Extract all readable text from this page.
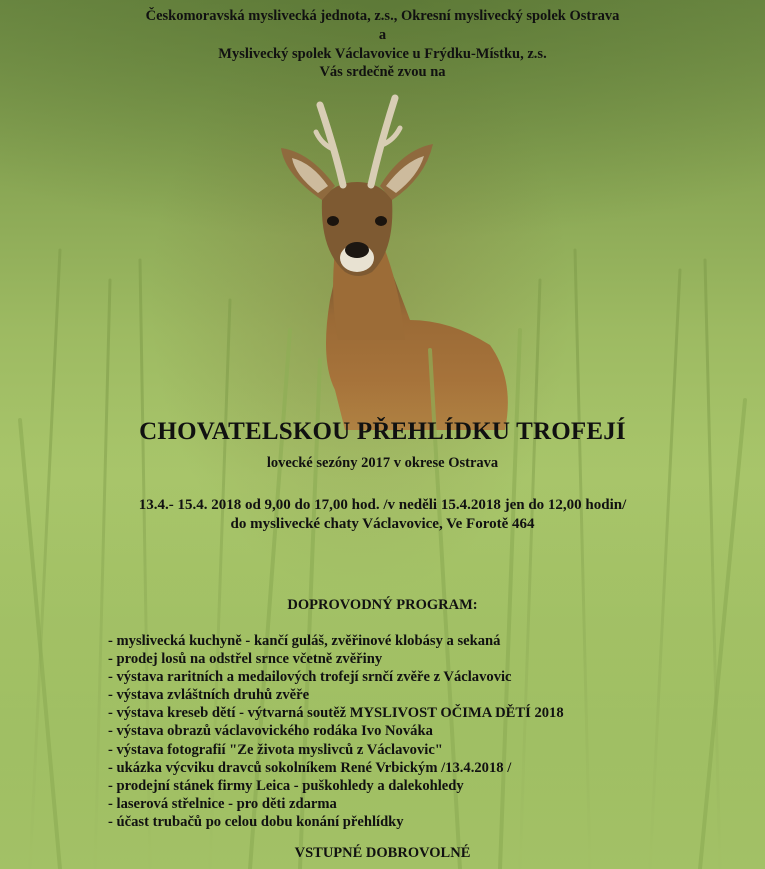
Českomoravská myslivecká jednota, z.s., Okresní myslivecký spolek Ostrava
a
Myslivecký spolek Václavovice u Frýdku-Místku, z.s.
Vás srdečně zvou na
CHOVATELSKOU PŘEHLÍDKU TROFEJÍ
lovecké sezóny 2017 v okrese Ostrava
13.4.- 15.4. 2018 od 9,00 do 17,00 hod. /v neděli 15.4.2018 jen do 12,00 hodin/
do myslivecké chaty Václavovice, Ve Forotě 464
DOPROVODNÝ PROGRAM:
- myslivecká kuchyně - kančí guláš, zvěřinové klobásy a sekaná
- prodej losů na odstřel srnce včetně zvěřiny
- výstava raritních a medailových trofejí srnčí zvěře z Václavovic
- výstava zvláštních druhů zvěře
- výstava kreseb dětí - výtvarná soutěž MYSLIVOST OČIMA DĚTÍ 2018
- výstava obrazů václavovického rodáka Ivo Nováka
- výstava fotografií "Ze života myslivců z Václavovic"
- ukázka výcviku dravců sokolníkem René Vrbickým /13.4.2018 /
- prodejní stánek firmy Leica - puškohledy a dalekohledy
- laserová střelnice - pro děti zdarma
- účast trubačů po celou dobu konání přehlídky
VSTUPNÉ DOBROVOLNÉ
